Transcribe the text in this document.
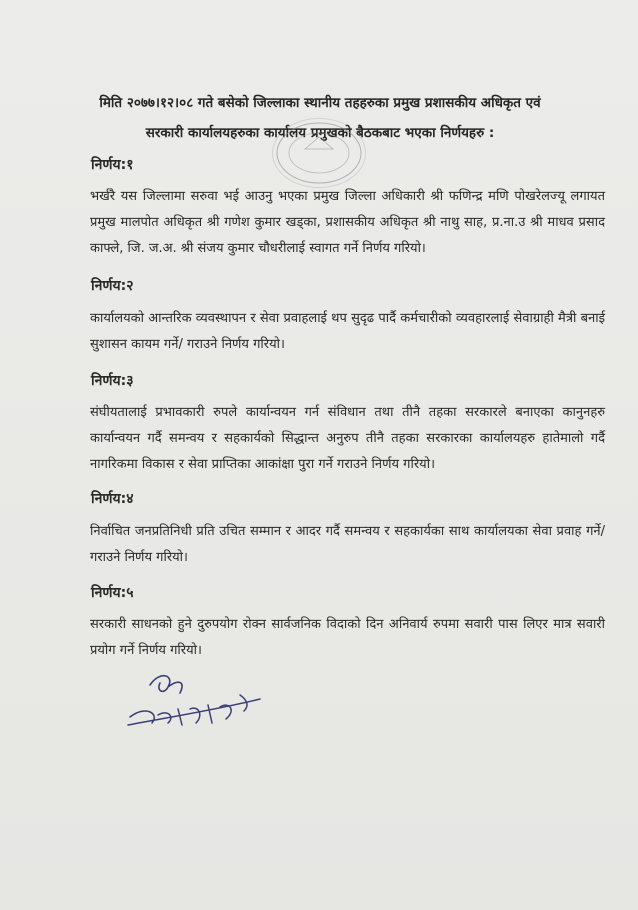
मिति २०७७।१२।०८ गते बसेको जिल्लाका स्थानीय तहहरुका प्रमुख प्रशासकीय अधिकृत एवं
सरकारी कार्यालयहरुका कार्यालय प्रमुखको बैठकबाट भएका निर्णयहरु :
निर्णय:१
भर्खरै यस जिल्लामा सरुवा भई आउनु भएका प्रमुख जिल्ला अधिकारी श्री फणिन्द्र मणि पोखरेलज्यू लगायत प्रमुख मालपोत अधिकृत श्री गणेश कुमार खड्का, प्रशासकीय अधिकृत श्री नाथु साह, प्र.ना.उ श्री माधव प्रसाद काफ्ले, जि. ज.अ. श्री संजय कुमार चौधरीलाई स्वागत गर्ने निर्णय गरियो।
निर्णय:२
कार्यालयको आन्तरिक व्यवस्थापन र सेवा प्रवाहलाई थप सुदृढ पार्दै कर्मचारीको व्यवहारलाई सेवाग्राही मैत्री बनाई सुशासन कायम गर्ने/ गराउने निर्णय गरियो।
निर्णय:३
संघीयतालाई प्रभावकारी रुपले कार्यान्वयन गर्न संविधान तथा तीनै तहका सरकारले बनाएका कानुनहरु कार्यान्वयन गर्दै समन्वय र सहकार्यको सिद्धान्त अनुरुप तीनै तहका सरकारका कार्यालयहरु हातेमालो गर्दै नागरिकमा विकास र सेवा प्राप्तिका आकांक्षा पुरा गर्ने गराउने निर्णय गरियो।
निर्णय:४
निर्वाचित जनप्रतिनिधी प्रति उचित सम्मान र आदर गर्दै समन्वय र सहकार्यका साथ कार्यालयका सेवा प्रवाह गर्ने/गराउने निर्णय गरियो।
निर्णय:५
सरकारी साधनको हुने दुरुपयोग रोक्न सार्वजनिक विदाको दिन अनिवार्य रुपमा सवारी पास लिएर मात्र सवारी प्रयोग गर्ने निर्णय गरियो।
